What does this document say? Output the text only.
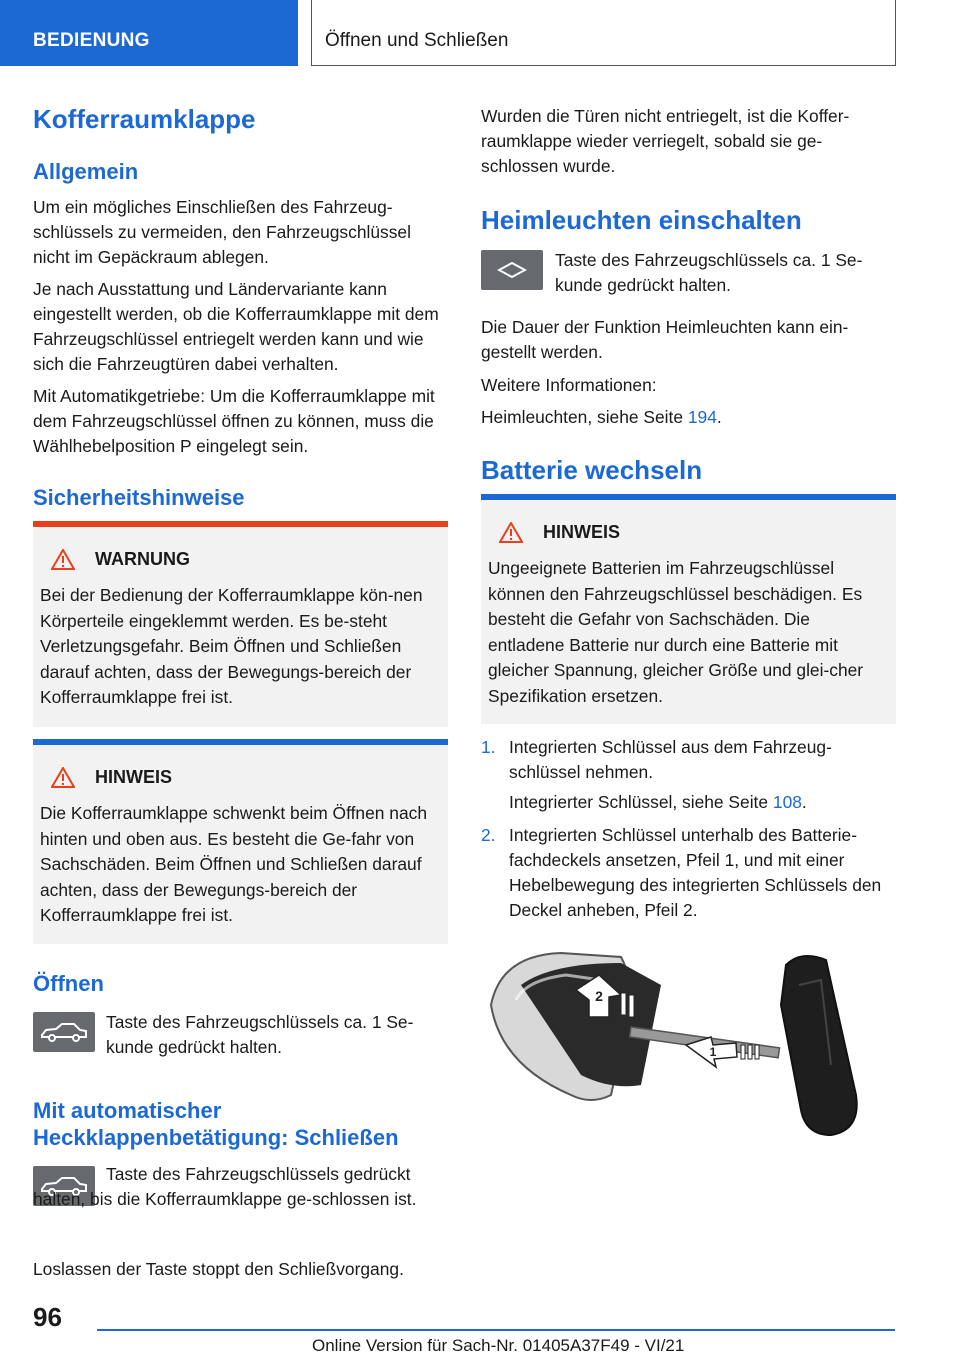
BEDIENUNG	Öffnen und Schließen
Kofferraumklappe
Allgemein
Um ein mögliches Einschließen des Fahrzeug-schlüssels zu vermeiden, den Fahrzeugschlüssel nicht im Gepäckraum ablegen.
Je nach Ausstattung und Ländervariante kann eingestellt werden, ob die Kofferraumklappe mit dem Fahrzeugschlüssel entriegelt werden kann und wie sich die Fahrzeugtüren dabei verhalten.
Mit Automatikgetriebe: Um die Kofferraumklappe mit dem Fahrzeugschlüssel öffnen zu können, muss die Wählhebelposition P eingelegt sein.
Sicherheitshinweise
WARNUNG
Bei der Bedienung der Kofferraumklappe kön-nen Körperteile eingeklemmt werden. Es be-steht Verletzungsgefahr. Beim Öffnen und Schließen darauf achten, dass der Bewegungs-bereich der Kofferraumklappe frei ist.
HINWEIS
Die Kofferraumklappe schwenkt beim Öffnen nach hinten und oben aus. Es besteht die Ge-fahr von Sachschäden. Beim Öffnen und Schließen darauf achten, dass der Bewegungs-bereich der Kofferraumklappe frei ist.
Öffnen
Taste des Fahrzeugschlüssels ca. 1 Se-kunde gedrückt halten.
Mit automatischer
Heckklappenbetätigung: Schließen
Taste des Fahrzeugschlüssels gedrückt halten, bis die Kofferraumklappe ge-schlossen ist.
Loslassen der Taste stoppt den Schließvorgang.
Wurden die Türen nicht entriegelt, ist die Koffer-raumklappe wieder verriegelt, sobald sie ge-schlossen wurde.
Heimleuchten einschalten
Taste des Fahrzeugschlüssels ca. 1 Se-kunde gedrückt halten.
Die Dauer der Funktion Heimleuchten kann ein-gestellt werden.
Weitere Informationen:
Heimleuchten, siehe Seite 194.
Batterie wechseln
HINWEIS
Ungeeignete Batterien im Fahrzeugschlüssel können den Fahrzeugschlüssel beschädigen. Es besteht die Gefahr von Sachschäden. Die entladene Batterie nur durch eine Batterie mit gleicher Spannung, gleicher Größe und glei-cher Spezifikation ersetzen.
1. Integrierten Schlüssel aus dem Fahrzeug-schlüssel nehmen.
Integrierter Schlüssel, siehe Seite 108.
2. Integrierten Schlüssel unterhalb des Batterie-fachdeckels ansetzen, Pfeil 1, und mit einer Hebelbewegung des integrierten Schlüssels den Deckel anheben, Pfeil 2.
2
1
96
Online Version für Sach-Nr. 01405A37F49 - VI/21
